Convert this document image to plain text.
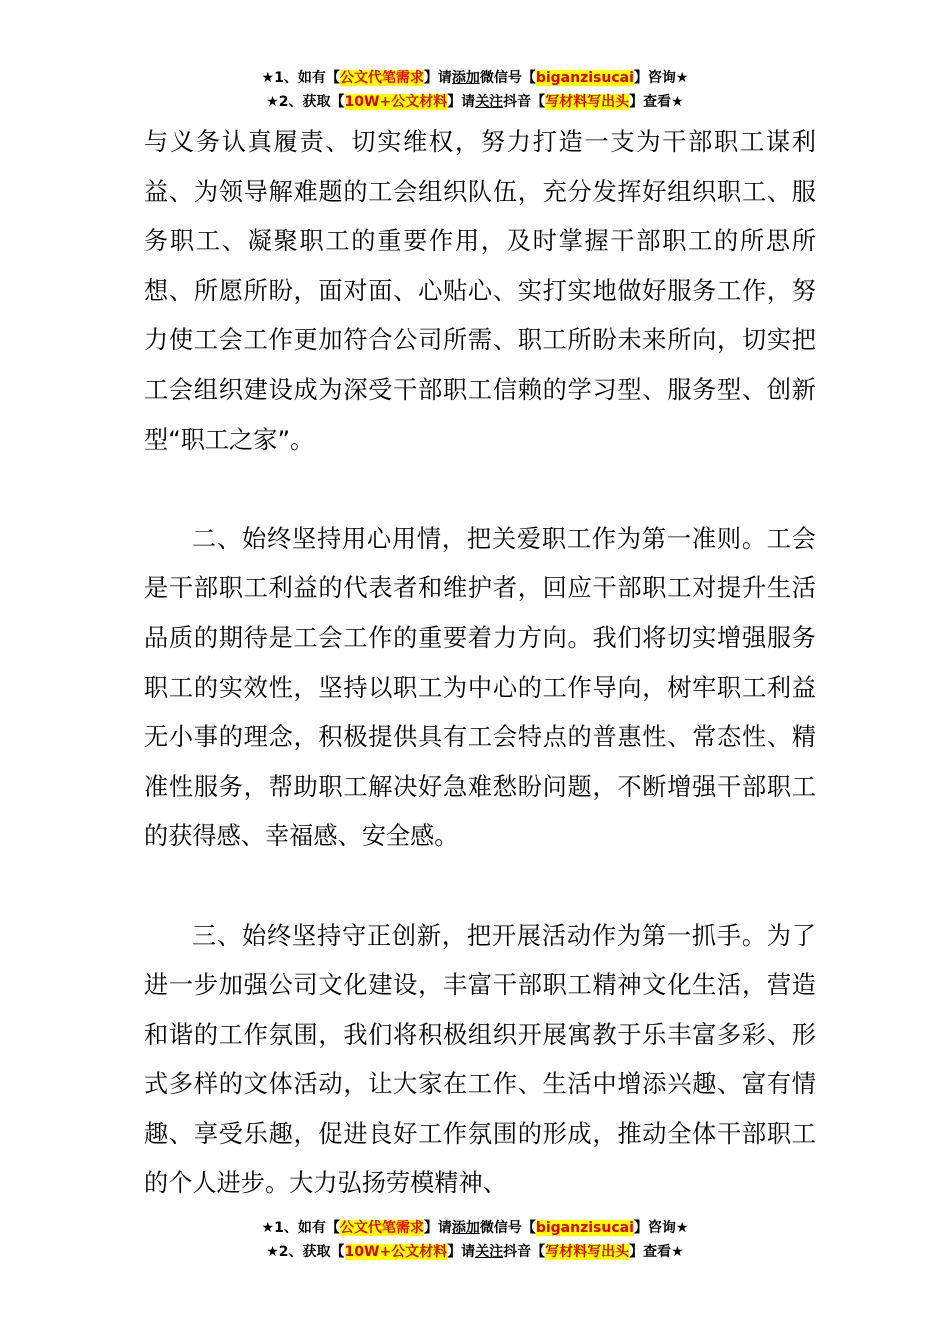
★1、如有【公文代笔需求】请添加微信号【biganzisucai】咨询★
★2、获取【10W+公文材料】请关注抖音【写材料写出头】查看★

与义务认真履责、切实维权，努力打造一支为干部职工谋利益、为领导解难题的工会组织队伍，充分发挥好组织职工、服务职工、凝聚职工的重要作用，及时掌握干部职工的所思所想、所愿所盼，面对面、心贴心、实打实地做好服务工作，努力使工会工作更加符合公司所需、职工所盼未来所向，切实把工会组织建设成为深受干部职工信赖的学习型、服务型、创新型“职工之家”。

二、始终坚持用心用情，把关爱职工作为第一准则。工会是干部职工利益的代表者和维护者，回应干部职工对提升生活品质的期待是工会工作的重要着力方向。我们将切实增强服务职工的实效性，坚持以职工为中心的工作导向，树牢职工利益无小事的理念，积极提供具有工会特点的普惠性、常态性、精准性服务，帮助职工解决好急难愁盼问题，不断增强干部职工的获得感、幸福感、安全感。

三、始终坚持守正创新，把开展活动作为第一抓手。为了进一步加强公司文化建设，丰富干部职工精神文化生活，营造和谐的工作氛围，我们将积极组织开展寓教于乐丰富多彩、形式多样的文体活动，让大家在工作、生活中增添兴趣、富有情趣、享受乐趣，促进良好工作氛围的形成，推动全体干部职工的个人进步。大力弘扬劳模精神、

★1、如有【公文代笔需求】请添加微信号【biganzisucai】咨询★
★2、获取【10W+公文材料】请关注抖音【写材料写出头】查看★
